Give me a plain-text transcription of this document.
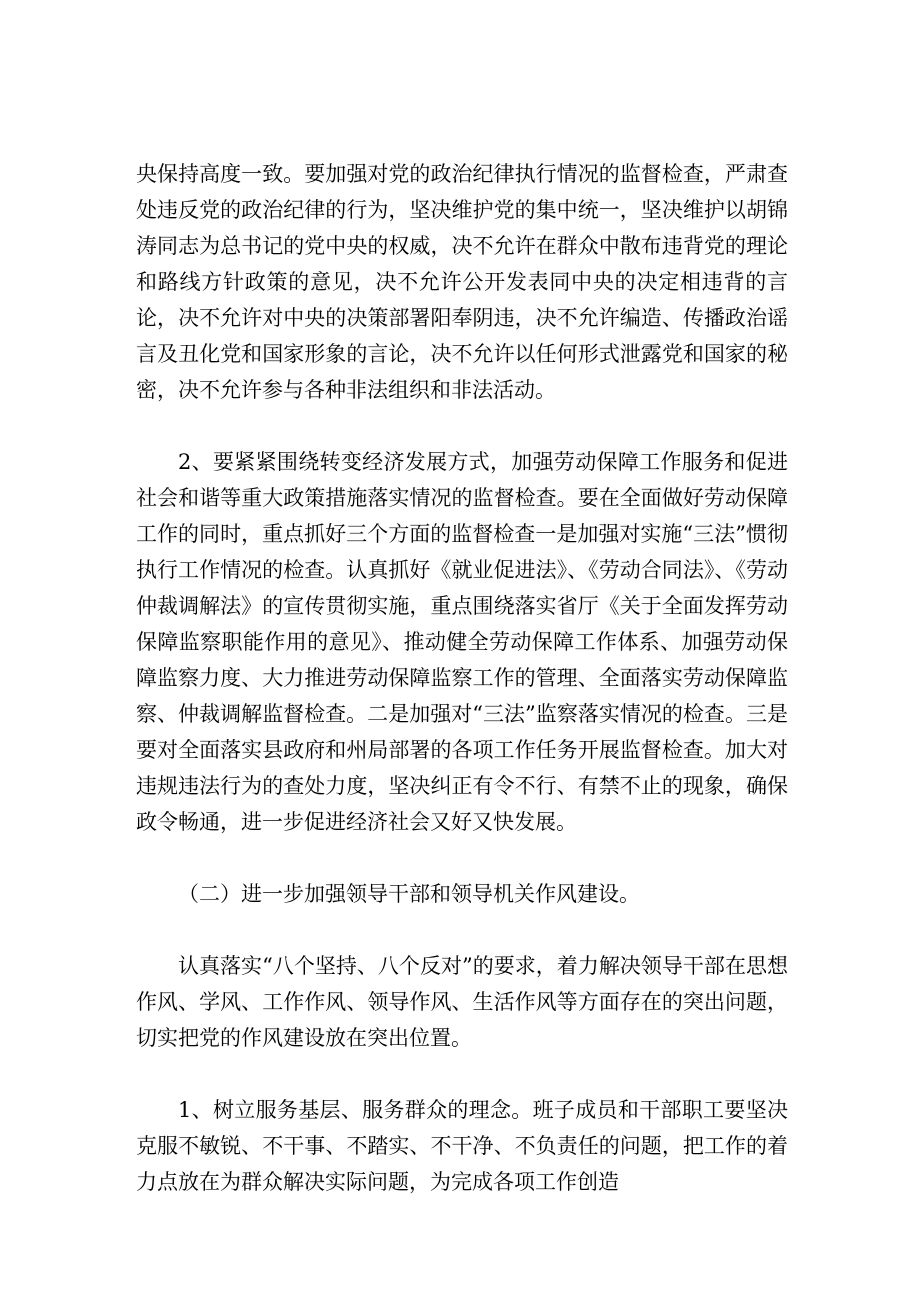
央保持高度一致。要加强对党的政治纪律执行情况的监督检查，严肃查处违反党的政治纪律的行为，坚决维护党的集中统一，坚决维护以胡锦涛同志为总书记的党中央的权威，决不允许在群众中散布违背党的理论和路线方针政策的意见，决不允许公开发表同中央的决定相违背的言论，决不允许对中央的决策部署阳奉阴违，决不允许编造、传播政治谣言及丑化党和国家形象的言论，决不允许以任何形式泄露党和国家的秘密，决不允许参与各种非法组织和非法活动。

2、要紧紧围绕转变经济发展方式，加强劳动保障工作服务和促进社会和谐等重大政策措施落实情况的监督检查。要在全面做好劳动保障工作的同时，重点抓好三个方面的监督检查一是加强对实施“三法”惯彻执行工作情况的检查。认真抓好《就业促进法》、《劳动合同法》、《劳动仲裁调解法》的宣传贯彻实施，重点围绕落实省厅《关于全面发挥劳动保障监察职能作用的意见》、推动健全劳动保障工作体系、加强劳动保障监察力度、大力推进劳动保障监察工作的管理、全面落实劳动保障监察、仲裁调解监督检查。二是加强对“三法”监察落实情况的检查。三是要对全面落实县政府和州局部署的各项工作任务开展监督检查。加大对违规违法行为的查处力度，坚决纠正有令不行、有禁不止的现象，确保政令畅通，进一步促进经济社会又好又快发展。

（二）进一步加强领导干部和领导机关作风建设。

认真落实“八个坚持、八个反对”的要求，着力解决领导干部在思想作风、学风、工作作风、领导作风、生活作风等方面存在的突出问题，切实把党的作风建设放在突出位置。

1、树立服务基层、服务群众的理念。班子成员和干部职工要坚决克服不敏锐、不干事、不踏实、不干净、不负责任的问题，把工作的着力点放在为群众解决实际问题，为完成各项工作创造
